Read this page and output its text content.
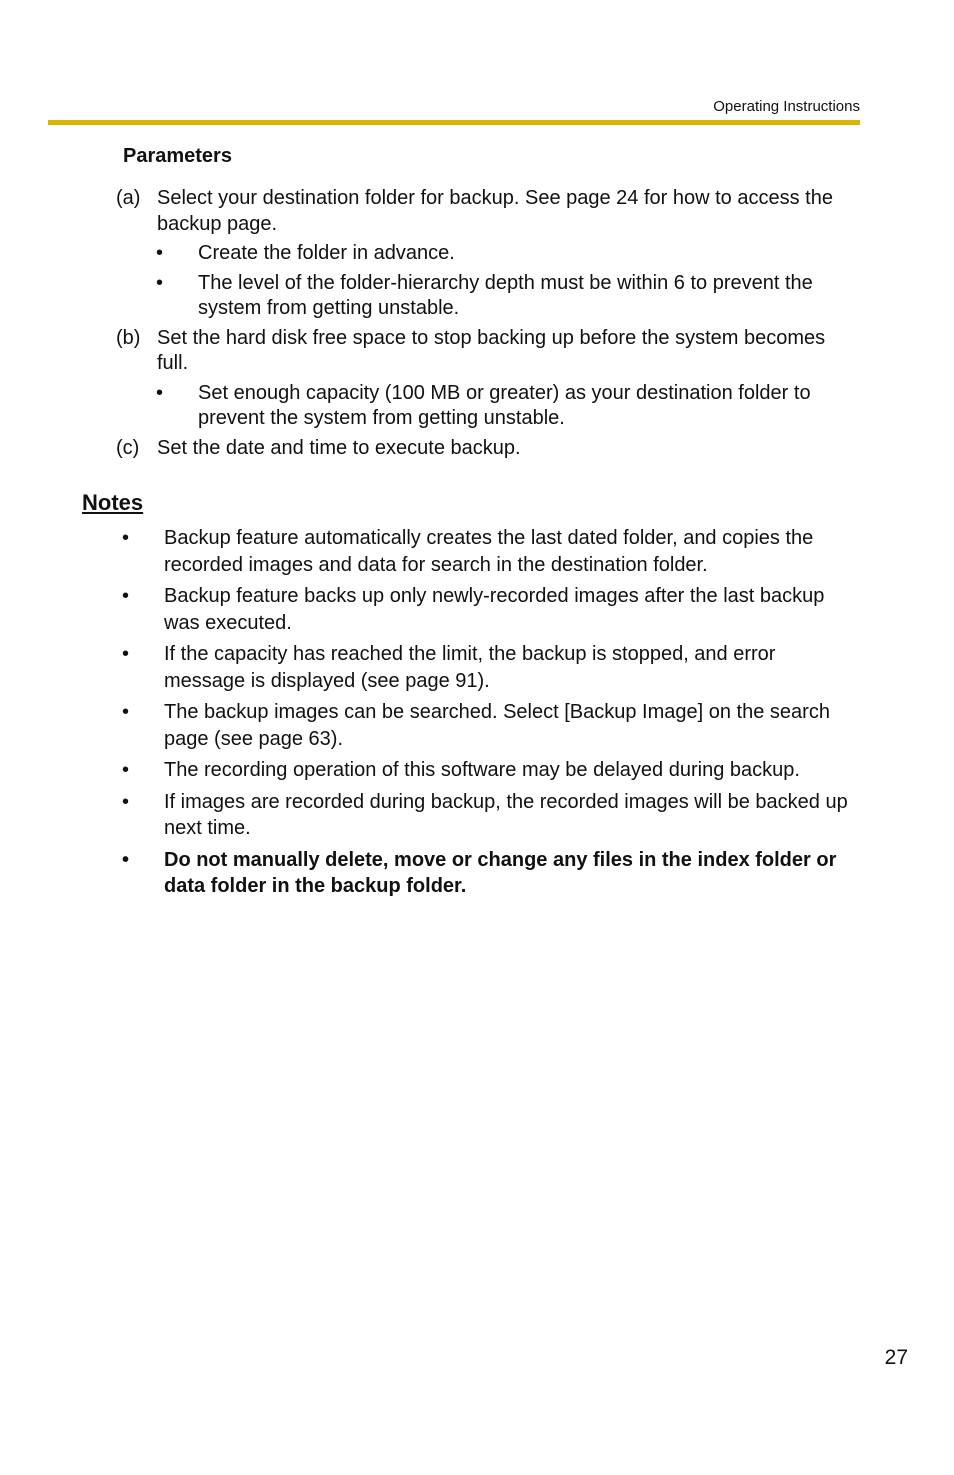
Operating Instructions
Parameters
(a) Select your destination folder for backup. See page 24 for how to access the backup page.
• Create the folder in advance.
• The level of the folder-hierarchy depth must be within 6 to prevent the system from getting unstable.
(b) Set the hard disk free space to stop backing up before the system becomes full.
• Set enough capacity (100 MB or greater) as your destination folder to prevent the system from getting unstable.
(c) Set the date and time to execute backup.
Notes
• Backup feature automatically creates the last dated folder, and copies the recorded images and data for search in the destination folder.
• Backup feature backs up only newly-recorded images after the last backup was executed.
• If the capacity has reached the limit, the backup is stopped, and error message is displayed (see page 91).
• The backup images can be searched. Select [Backup Image] on the search page (see page 63).
• The recording operation of this software may be delayed during backup.
• If images are recorded during backup, the recorded images will be backed up next time.
• Do not manually delete, move or change any files in the index folder or data folder in the backup folder.
27
